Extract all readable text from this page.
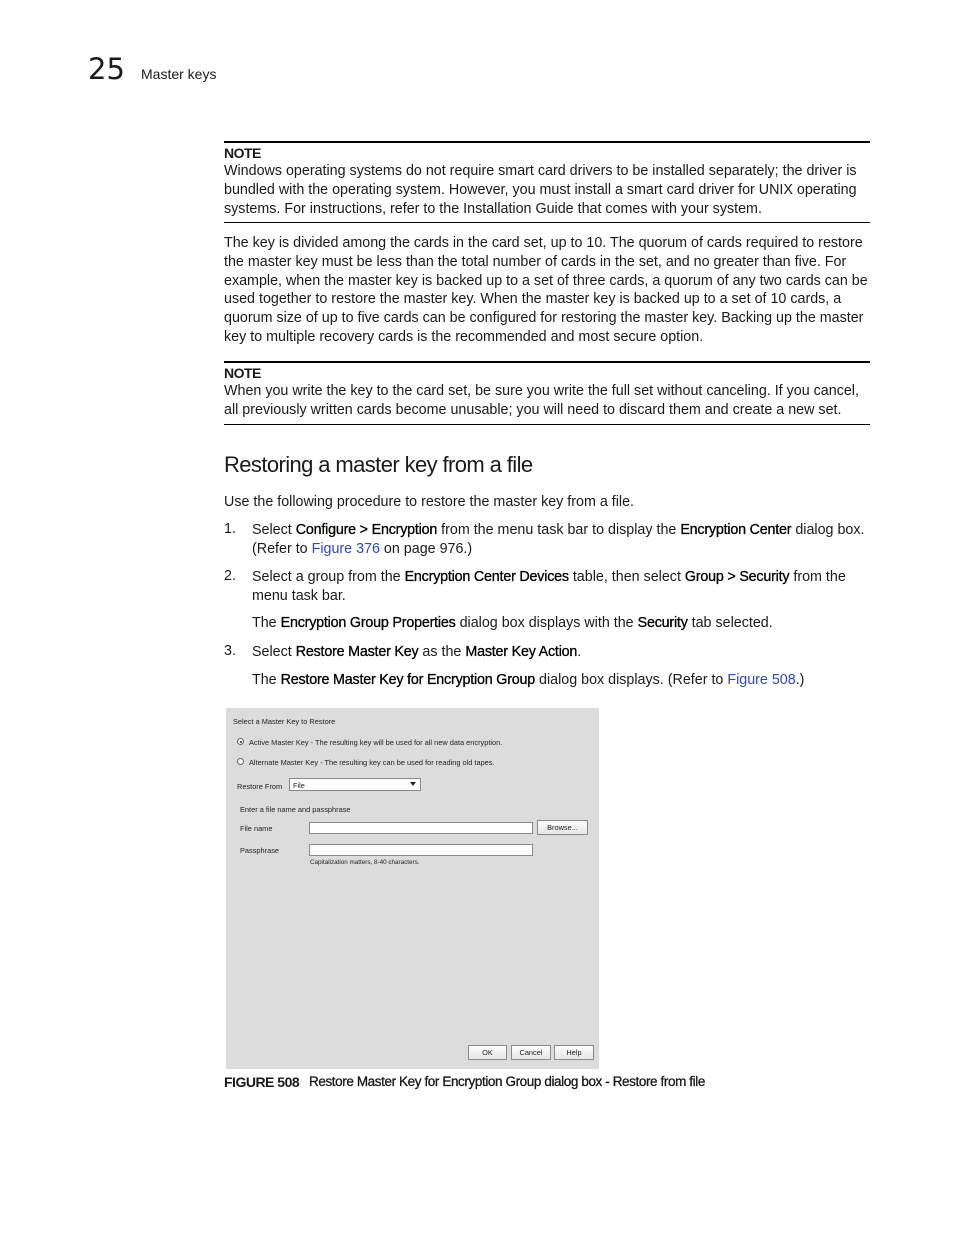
25 Master keys
NOTE
Windows operating systems do not require smart card drivers to be installed separately; the driver is bundled with the operating system. However, you must install a smart card driver for UNIX operating systems. For instructions, refer to the Installation Guide that comes with your system.
The key is divided among the cards in the card set, up to 10. The quorum of cards required to restore the master key must be less than the total number of cards in the set, and no greater than five. For example, when the master key is backed up to a set of three cards, a quorum of any two cards can be used together to restore the master key. When the master key is backed up to a set of 10 cards, a quorum size of up to five cards can be configured for restoring the master key. Backing up the master key to multiple recovery cards is the recommended and most secure option.
NOTE
When you write the key to the card set, be sure you write the full set without canceling. If you cancel, all previously written cards become unusable; you will need to discard them and create a new set.
Restoring a master key from a file
Use the following procedure to restore the master key from a file.
1. Select Configure > Encryption from the menu task bar to display the Encryption Center dialog box. (Refer to Figure 376 on page 976.)
2. Select a group from the Encryption Center Devices table, then select Group > Security from the menu task bar.
The Encryption Group Properties dialog box displays with the Security tab selected.
3. Select Restore Master Key as the Master Key Action.
The Restore Master Key for Encryption Group dialog box displays. (Refer to Figure 508.)
Select a Master Key to Restore
Active Master Key - The resulting key will be used for all new data encryption.
Alternate Master Key - The resulting key can be used for reading old tapes.
Restore From File
Enter a file name and passphrase
File name	Browse...
Passphrase
Capitalization matters, 8-40 characters.
OK	Cancel	Help
FIGURE 508 Restore Master Key for Encryption Group dialog box - Restore from file
